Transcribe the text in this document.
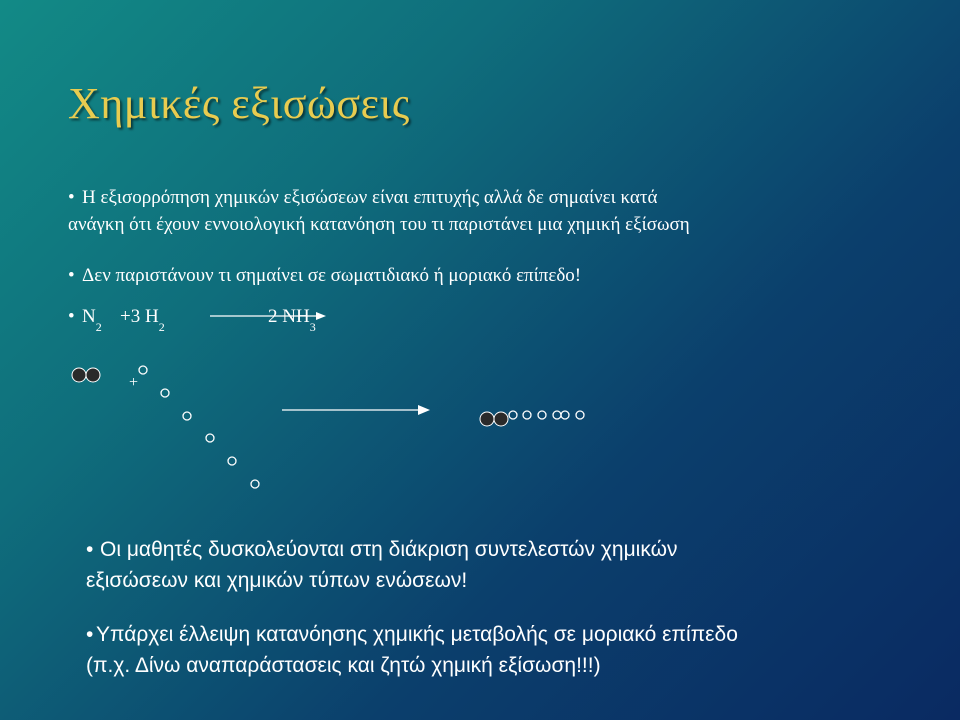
Χημικές εξισώσεις
• Η εξισορρόπηση χημικών εξισώσεων είναι επιτυχής αλλά δε σημαίνει κατά
ανάγκη ότι έχουν εννοιολογική κατανόηση του τι παριστάνει μια χημική εξίσωση
• Δεν παριστάνουν τι σημαίνει σε σωματιδιακό ή μοριακό επίπεδο!
• $N_2 +3$ $H_2$	2 $NH_3$
+
• Οι μαθητές δυσκολεύονται στη διάκριση συντελεστών χημικών
εξισώσεων και χημικών τύπων ενώσεων!
• Υπάρχει έλλειψη κατανόησης χημικής μεταβολής σε μοριακό επίπεδο
(π.χ. Δίνω αναπαράστασεις και ζητώ χημική εξίσωση!!!)
